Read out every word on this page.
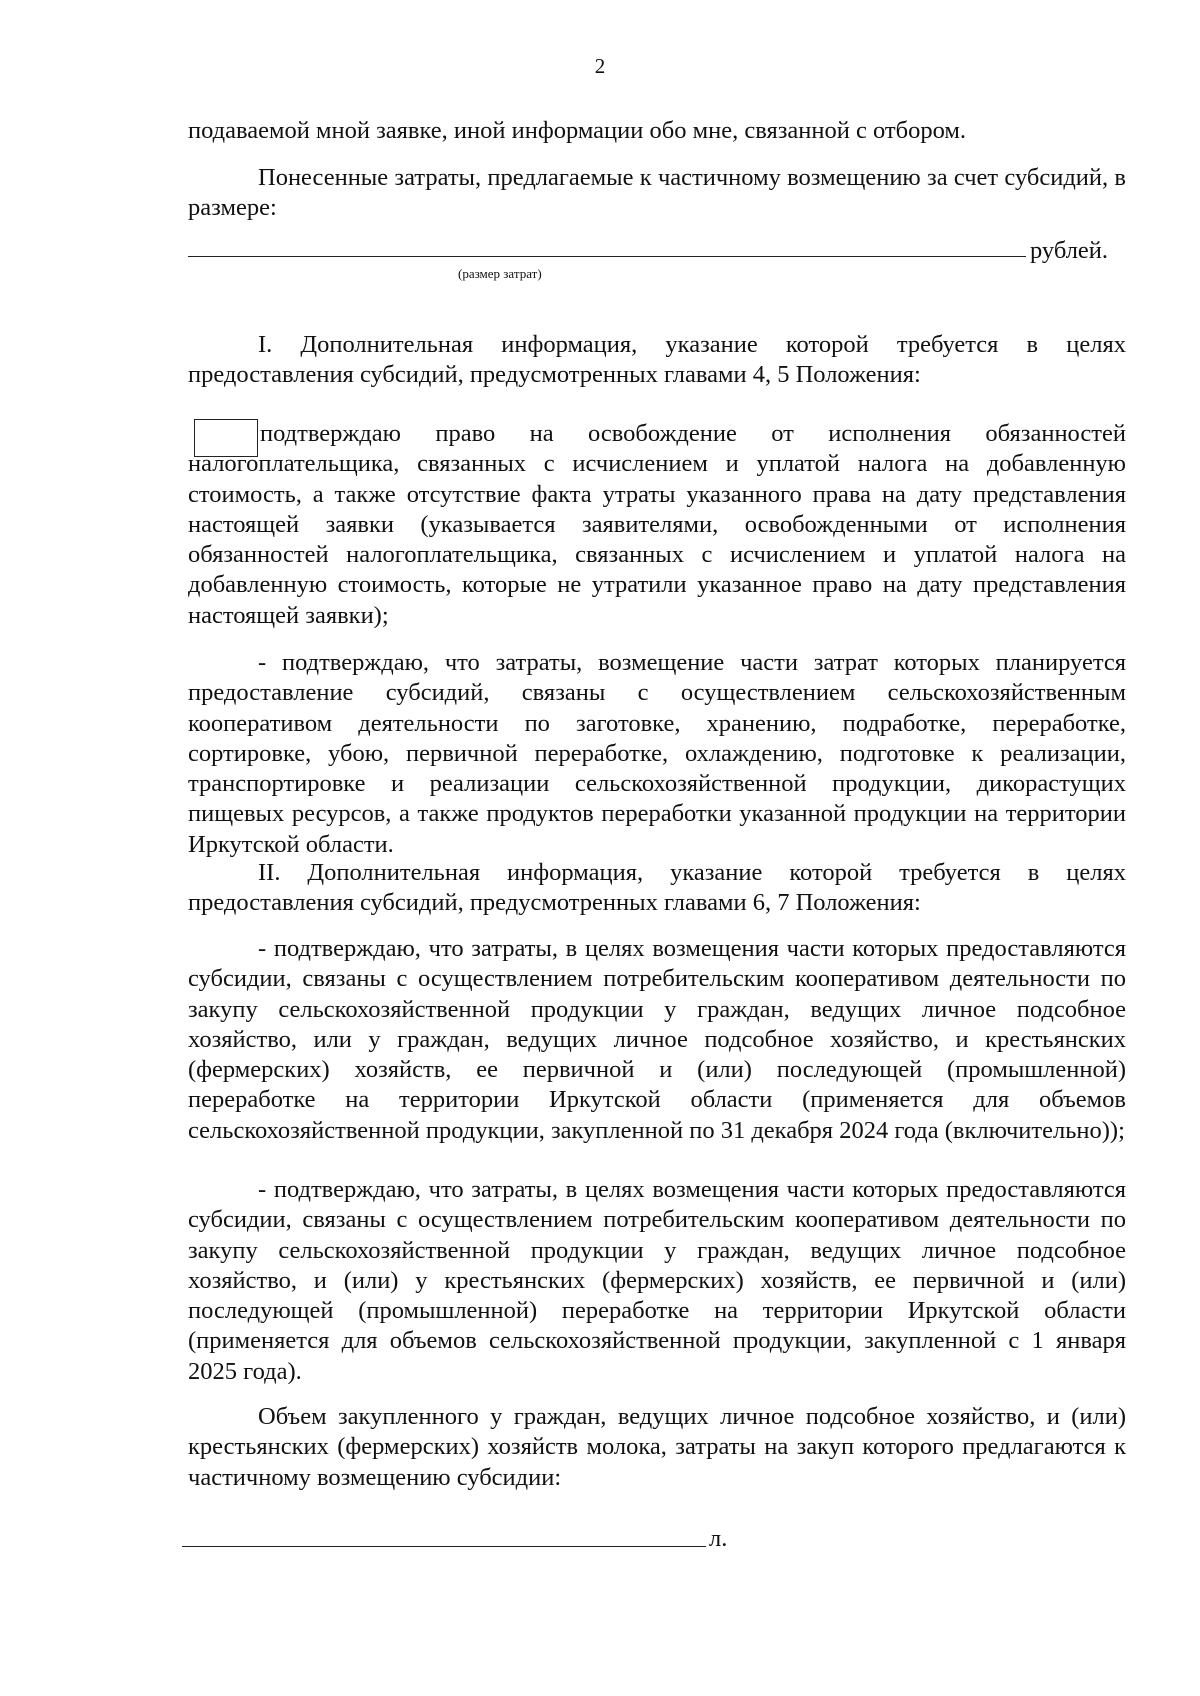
2

подаваемой мной заявке, иной информации обо мне, связанной с отбором.

Понесенные затраты, предлагаемые к частичному возмещению за счет субсидий, в размере:

рублей.
(размер затрат)

I. Дополнительная информация, указание которой требуется в целях предоставления субсидий, предусмотренных главами 4, 5 Положения:

подтверждаю право на освобождение от исполнения обязанностей налогоплательщика, связанных с исчислением и уплатой налога на добавленную стоимость, а также отсутствие факта утраты указанного права на дату представления настоящей заявки (указывается заявителями, освобожденными от исполнения обязанностей налогоплательщика, связанных с исчислением и уплатой налога на добавленную стоимость, которые не утратили указанное право на дату представления настоящей заявки);

- подтверждаю, что затраты, возмещение части затрат которых планируется предоставление субсидий, связаны с осуществлением сельскохозяйственным кооперативом деятельности по заготовке, хранению, подработке, переработке, сортировке, убою, первичной переработке, охлаждению, подготовке к реализации, транспортировке и реализации сельскохозяйственной продукции, дикорастущих пищевых ресурсов, а также продуктов переработки указанной продукции на территории Иркутской области.

II. Дополнительная информация, указание которой требуется в целях предоставления субсидий, предусмотренных главами 6, 7 Положения:

- подтверждаю, что затраты, в целях возмещения части которых предоставляются субсидии, связаны с осуществлением потребительским кооперативом деятельности по закупу сельскохозяйственной продукции у граждан, ведущих личное подсобное хозяйство, или у граждан, ведущих личное подсобное хозяйство, и крестьянских (фермерских) хозяйств, ее первичной и (или) последующей (промышленной) переработке на территории Иркутской области (применяется для объемов сельскохозяйственной продукции, закупленной по 31 декабря 2024 года (включительно));

- подтверждаю, что затраты, в целях возмещения части которых предоставляются субсидии, связаны с осуществлением потребительским кооперативом деятельности по закупу сельскохозяйственной продукции у граждан, ведущих личное подсобное хозяйство, и (или) у крестьянских (фермерских) хозяйств, ее первичной и (или) последующей (промышленной) переработке на территории Иркутской области (применяется для объемов сельскохозяйственной продукции, закупленной с 1 января 2025 года).

Объем закупленного у граждан, ведущих личное подсобное хозяйство, и (или) крестьянских (фермерских) хозяйств молока, затраты на закуп которого предлагаются к частичному возмещению субсидии:

л.
